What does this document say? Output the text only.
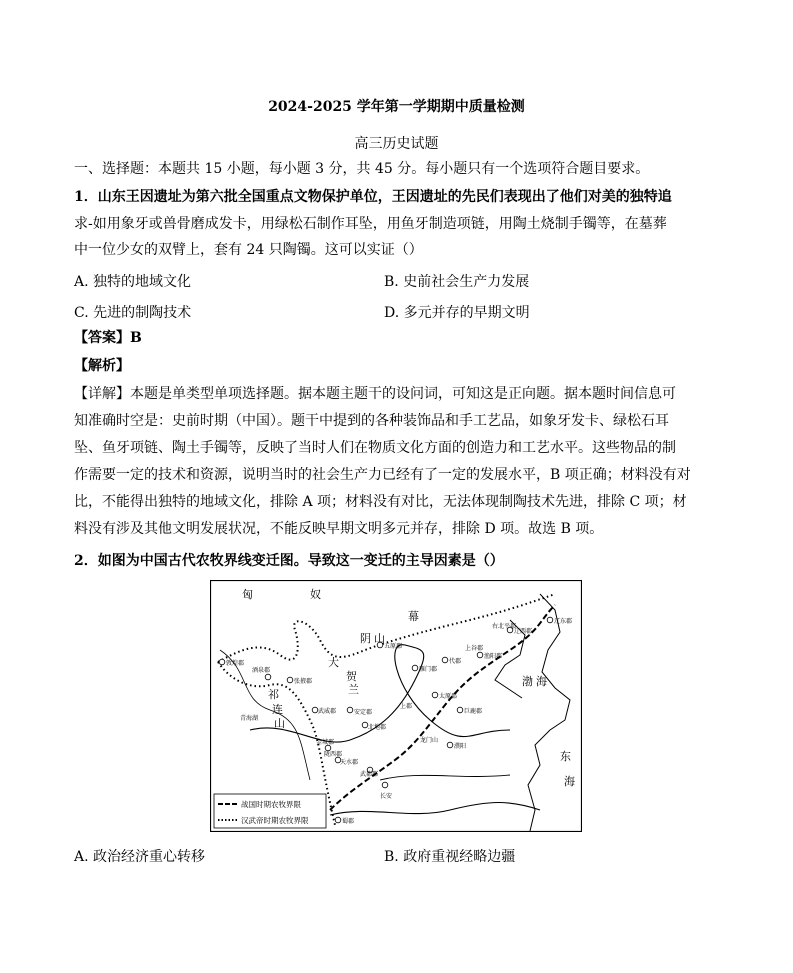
2024-2025 学年第一学期期中质量检测
高三历史试题
一、选择题：本题共 15 小题，每小题 3 分，共 45 分。每小题只有一个选项符合题目要求。
1．山东王因遗址为第六批全国重点文物保护单位，王因遗址的先民们表现出了他们对美的独特追
求-如用象牙或兽骨磨成发卡，用绿松石制作耳坠，用鱼牙制造项链，用陶土烧制手镯等，在墓葬
中一位少女的双臂上，套有 24 只陶镯。这可以实证（）
A. 独特的地域文化	B. 史前社会生产力发展
C. 先进的制陶技术	D. 多元并存的早期文明
【答案】B
【解析】
【详解】本题是单类型单项选择题。据本题主题干的设问词，可知这是正向题。据本题时间信息可
知准确时空是：史前时期（中国）。题干中提到的各种装饰品和手工艺品，如象牙发卡、绿松石耳
坠、鱼牙项链、陶土手镯等，反映了当时人们在物质文化方面的创造力和工艺水平。这些物品的制
作需要一定的技术和资源，说明当时的社会生产力已经有了一定的发展水平，B 项正确；材料没有对
比，不能得出独特的地域文化，排除 A 项；材料没有对比，无法体现制陶技术先进，排除 C 项；材
料没有涉及其他文明发展状况，不能反映早期文明多元并存，排除 D 项。故选 B 项。
2．如图为中国古代农牧界线变迁图。导致这一变迁的主导因素是（）
匈	奴
幕
大
阴 山
祁
连
山
贺
兰
渤 海
东
海
敦煌郡
酒泉郡
张掖郡
武威郡
金城郡
陇西郡
天水郡
安定郡
北地郡
上郡
五原郡
雁门郡
代郡
上谷郡
渔阳郡
右北平郡
辽西郡
辽东郡
太原郡
巨鹿郡
濮阳
长安
武都郡
蜀郡
龙门山
青海湖
战国时期农牧界限
汉武帝时期农牧界限
A. 政治经济重心转移	B. 政府重视经略边疆
